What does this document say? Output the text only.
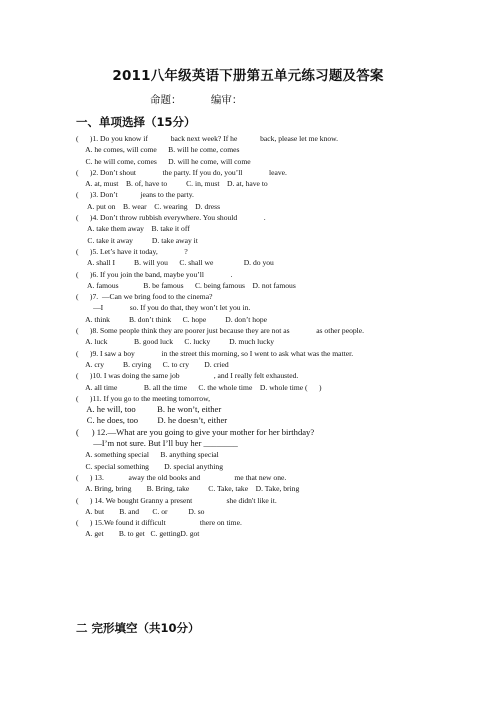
2011八年级英语下册第五单元练习题及答案
命题：	编审：
一、单项选择（15分）
(      )1. Do you know if            back next week? If he            back, please let me know.
A. he comes, will come      B. will he come, comes
C. he will come, comes      D. will he come, will come
(      )2. Don’t shout              the party. If you do, you’ll              leave.
A. at, must    B. of, have to          C. in, must    D. at, have to
(      )3. Don’t            jeans to the party.
A. put on    B. wear    C. wearing    D. dress
(      )4. Don’t throw rubbish everywhere. You should              .
A. take them away    B. take it off
C. take it away          D. take away it
(      )5. Let’s have it today,              ?
A. shall I          B. will you      C. shall we                D. do you
(      )6. If you join the band, maybe you’ll              .
A. famous             B. be famous      C. being famous    D. not famous
(      )7.  —Can we bring food to the cinema?
—I              so. If you do that, they won’t let you in.
A. think          B. don’t think      C. hope          D. don’t hope
(      )8. Some people think they are poorer just because they are not as              as other people.
A. luck              B. good luck      C. lucky          D. much lucky
(      )9. I saw a boy              in the street this morning, so I went to ask what was the matter.
A. cry          B. crying      C. to cry        D. cried
(      )10. I was doing the same job                  , and I really felt exhausted.
A. all time              B. all the time      C. the whole time    D. whole time (      )
(      )11. If you go to the meeting tomorrow,
A. he will, too          B. he won’t, either
C. he does, too         D. he doesn’t, either
(      ) 12.—What are you going to give your mother for her birthday?
—I’m not sure. But I’ll buy her ________
A. something special      B. anything special
C. special something        D. special anything
(      ) 13.             away the old books and                  me that new one.
A. Bring, bring        B. Bring, take          C. Take, take    D. Take, bring
(      ) 14. We bought Granny a present                  she didn't like it.
A. but        B. and       C. or           D. so
(      ) 15.We found it difficult                  there on time.
A. get        B. to get   C. gettingD. got
二 完形填空（共10分）
